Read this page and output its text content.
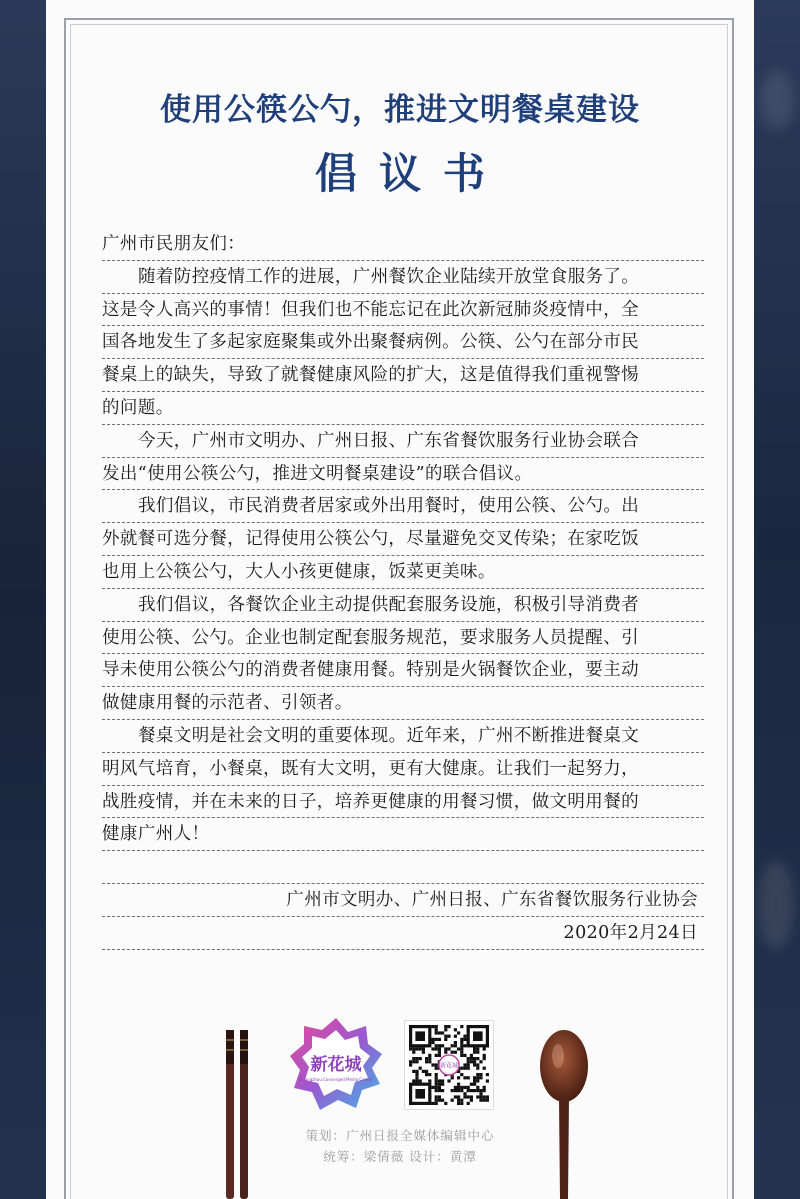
使用公筷公勺，推进文明餐桌建设
倡议书
广州市民朋友们：
随着防控疫情工作的进展，广州餐饮企业陆续开放堂食服务了。
这是令人高兴的事情！但我们也不能忘记在此次新冠肺炎疫情中，全
国各地发生了多起家庭聚集或外出聚餐病例。公筷、公勺在部分市民
餐桌上的缺失，导致了就餐健康风险的扩大，这是值得我们重视警惕
的问题。
今天，广州市文明办、广州日报、广东省餐饮服务行业协会联合
发出“使用公筷公勺，推进文明餐桌建设”的联合倡议。
我们倡议，市民消费者居家或外出用餐时，使用公筷、公勺。出
外就餐可选分餐，记得使用公筷公勺，尽量避免交叉传染；在家吃饭
也用上公筷公勺，大人小孩更健康，饭菜更美味。
我们倡议，各餐饮企业主动提供配套服务设施，积极引导消费者
使用公筷、公勺。企业也制定配套服务规范，要求服务人员提醒、引
导未使用公筷公勺的消费者健康用餐。特别是火锅餐饮企业，要主动
做健康用餐的示范者、引领者。
餐桌文明是社会文明的重要体现。近年来，广州不断推进餐桌文
明风气培育，小餐桌，既有大文明，更有大健康。让我们一起努力，
战胜疫情，并在未来的日子，培养更健康的用餐习惯，做文明用餐的
健康广州人！
广州市文明办、广州日报、广东省餐饮服务行业协会
2020年2月24日
新花城
Guangzhou Converged Media Center
新花城
策划：广州日报全媒体编辑中心
统筹：梁倩薇 设计：黄潭
